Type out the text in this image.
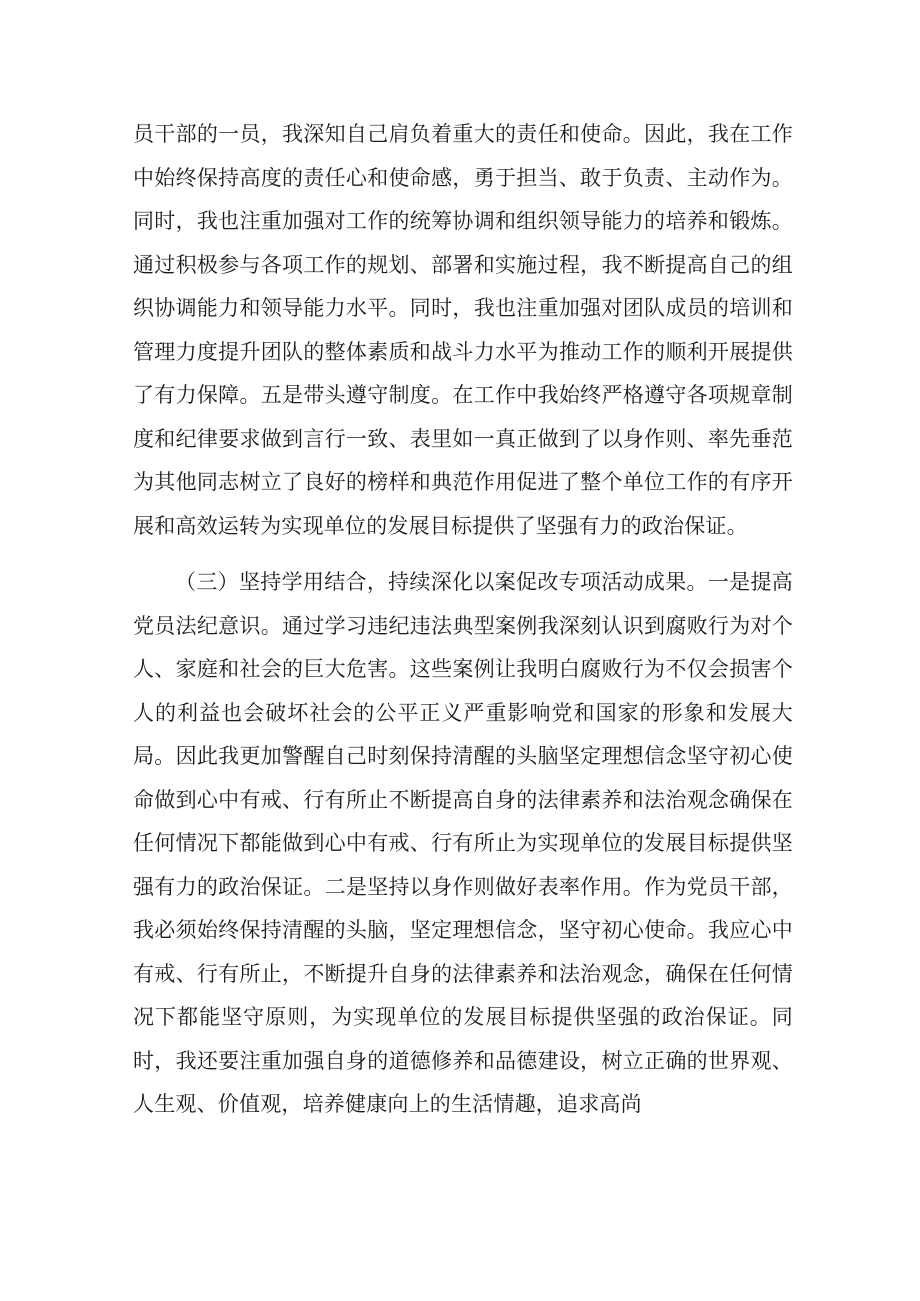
员干部的一员，我深知自己肩负着重大的责任和使命。因此，我在工作中始终保持高度的责任心和使命感，勇于担当、敢于负责、主动作为。同时，我也注重加强对工作的统筹协调和组织领导能力的培养和锻炼。通过积极参与各项工作的规划、部署和实施过程，我不断提高自己的组织协调能力和领导能力水平。同时，我也注重加强对团队成员的培训和管理力度提升团队的整体素质和战斗力水平为推动工作的顺利开展提供了有力保障。五是带头遵守制度。在工作中我始终严格遵守各项规章制度和纪律要求做到言行一致、表里如一真正做到了以身作则、率先垂范为其他同志树立了良好的榜样和典范作用促进了整个单位工作的有序开展和高效运转为实现单位的发展目标提供了坚强有力的政治保证。

（三）坚持学用结合，持续深化以案促改专项活动成果。一是提高党员法纪意识。通过学习违纪违法典型案例我深刻认识到腐败行为对个人、家庭和社会的巨大危害。这些案例让我明白腐败行为不仅会损害个人的利益也会破坏社会的公平正义严重影响党和国家的形象和发展大局。因此我更加警醒自己时刻保持清醒的头脑坚定理想信念坚守初心使命做到心中有戒、行有所止不断提高自身的法律素养和法治观念确保在任何情况下都能做到心中有戒、行有所止为实现单位的发展目标提供坚强有力的政治保证。二是坚持以身作则做好表率作用。作为党员干部，我必须始终保持清醒的头脑，坚定理想信念，坚守初心使命。我应心中有戒、行有所止，不断提升自身的法律素养和法治观念，确保在任何情况下都能坚守原则，为实现单位的发展目标提供坚强的政治保证。同时，我还要注重加强自身的道德修养和品德建设，树立正确的世界观、人生观、价值观，培养健康向上的生活情趣，追求高尚
